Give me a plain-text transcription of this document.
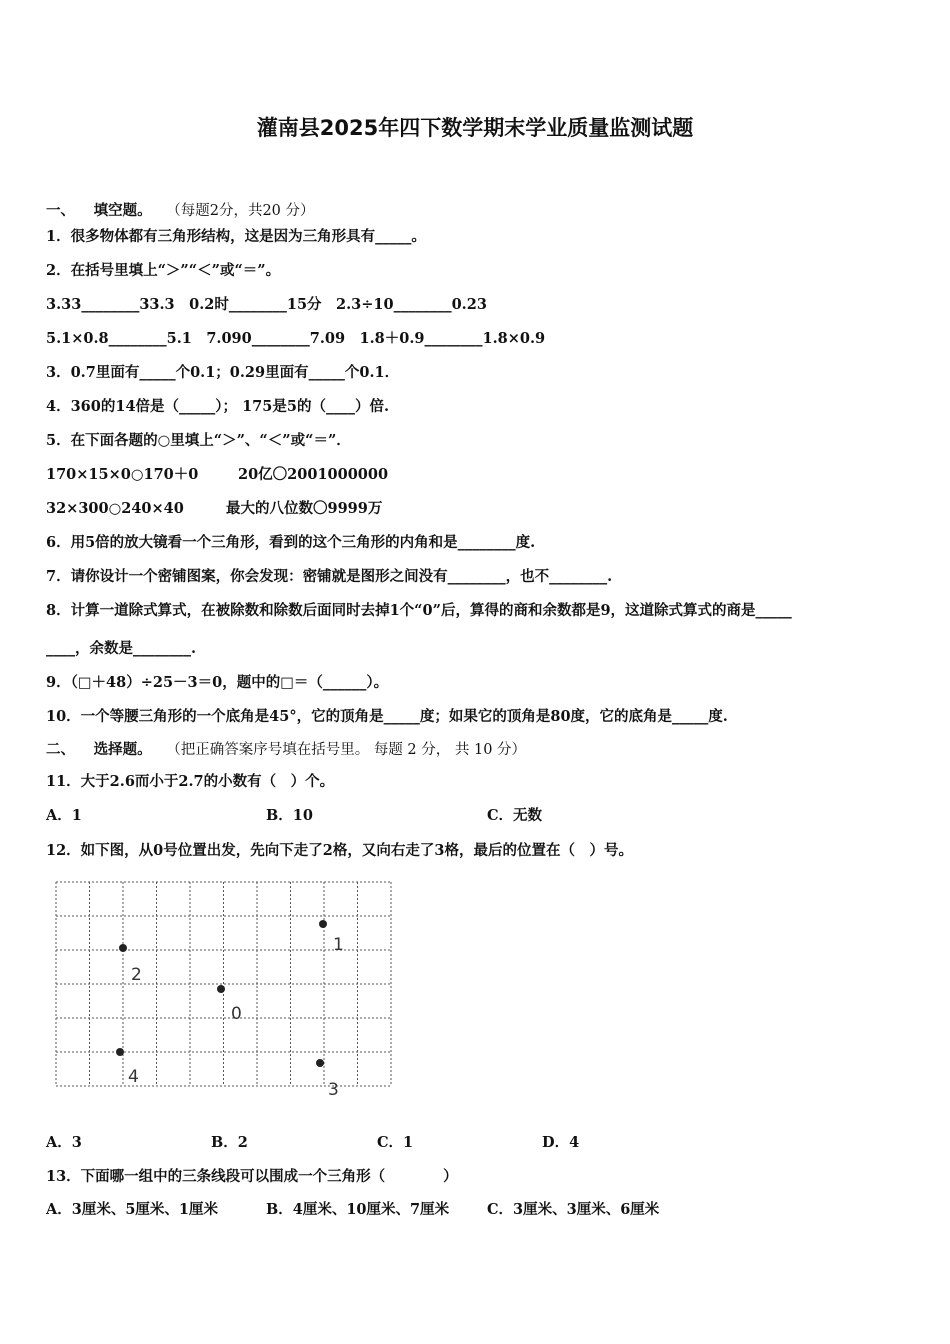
灌南县2025年四下数学期末学业质量监测试题
一、 填空题。 （每题2分，共20 分）
1．很多物体都有三角形结构，这是因为三角形具有_____。
2．在括号里填上“＞”“＜”或“＝”。
3.33________33.3　0.2时________15分　2.3÷10________0.23
5.1×0.8________5.1　7.090________7.09　1.8＋0.9________1.8×0.9
3．0.7里面有_____个0.1；0.29里面有_____个0.1．
4．360的14倍是（_____）； 175是5的（____）倍.
5．在下面各题的○里填上“＞”、“＜”或“＝”．
170×15×0○170＋0	20亿〇2001000000
32×300○240×40	最大的八位数〇9999万
6．用5倍的放大镜看一个三角形，看到的这个三角形的内角和是________度.
7．请你设计一个密铺图案，你会发现：密铺就是图形之间没有________，也不________.
8．计算一道除式算式，在被除数和除数后面同时去掉1个“0”后，算得的商和余数都是9，这道除式算式的商是_____
____，余数是________.
9．（□＋48）÷25－3＝0，题中的□＝（______）。
10．一个等腰三角形的一个底角是45°，它的顶角是_____度；如果它的顶角是80度，它的底角是_____度.
二、 选择题。 （把正确答案序号填在括号里。 每题 2 分， 共 10 分）
11．大于2.6而小于2.7的小数有（　）个。
A．1	B．10	C．无数
12．如下图，从0号位置出发，先向下走了2格，又向右走了3格，最后的位置在（　）号。
0
1
2
3
4
A．3	B．2	C．1	D．4
13．下面哪一组中的三条线段可以围成一个三角形（　　　　）
A．3厘米、5厘米、1厘米	B．4厘米、10厘米、7厘米	C．3厘米、3厘米、6厘米
